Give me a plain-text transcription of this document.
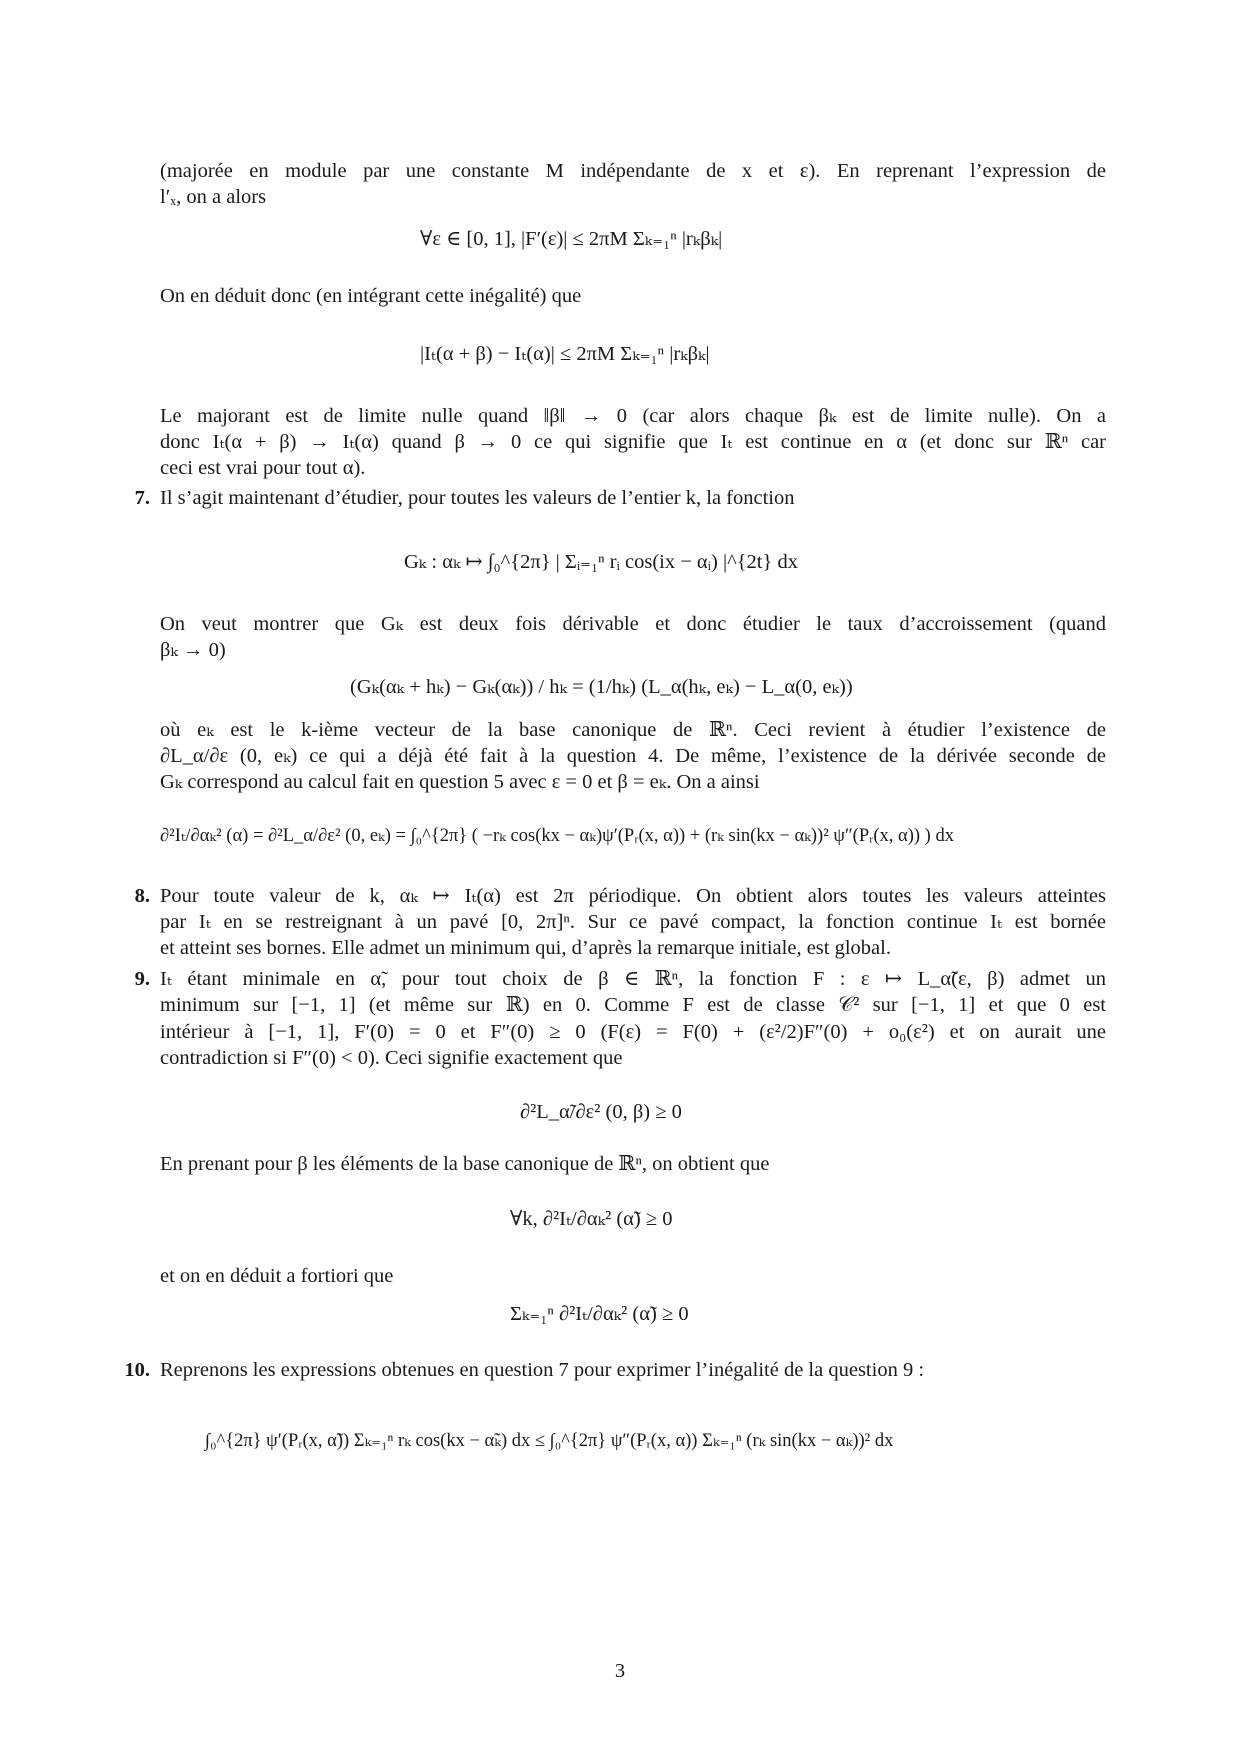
(majorée en module par une constante M indépendante de x et ε). En reprenant l’expression de
l′ₓ, on a alors
∀ε ∈ [0, 1], |F′(ε)| ≤ 2πM Σₖ₌₁ⁿ |rₖβₖ|
On en déduit donc (en intégrant cette inégalité) que
|Iₜ(α + β) − Iₜ(α)| ≤ 2πM Σₖ₌₁ⁿ |rₖβₖ|
Le majorant est de limite nulle quand ‖β‖ → 0 (car alors chaque βₖ est de limite nulle). On a
donc Iₜ(α + β) → Iₜ(α) quand β → 0 ce qui signifie que Iₜ est continue en α (et donc sur ℝⁿ car
ceci est vrai pour tout α).
7. Il s’agit maintenant d’étudier, pour toutes les valeurs de l’entier k, la fonction
Gₖ : αₖ ↦ ∫₀^{2π} | Σᵢ₌₁ⁿ rᵢ cos(ix − αᵢ) |^{2t} dx
On veut montrer que Gₖ est deux fois dérivable et donc étudier le taux d’accroissement (quand
βₖ → 0)
(Gₖ(αₖ + hₖ) − Gₖ(αₖ)) / hₖ = (1/hₖ) (L_α(hₖ, eₖ) − L_α(0, eₖ))
où eₖ est le k-ième vecteur de la base canonique de ℝⁿ. Ceci revient à étudier l’existence de
∂L_α/∂ε (0, eₖ) ce qui a déjà été fait à la question 4. De même, l’existence de la dérivée seconde de
Gₖ correspond au calcul fait en question 5 avec ε = 0 et β = eₖ. On a ainsi
∂²Iₜ/∂αₖ² (α) = ∂²L_α/∂ε² (0, eₖ) = ∫₀^{2π} ( −rₖ cos(kx − αₖ)ψ′(Pᵣ(x, α)) + (rₖ sin(kx − αₖ))² ψ″(Pᵣ(x, α)) ) dx
8. Pour toute valeur de k, αₖ ↦ Iₜ(α) est 2π périodique. On obtient alors toutes les valeurs atteintes
par Iₜ en se restreignant à un pavé [0, 2π]ⁿ. Sur ce pavé compact, la fonction continue Iₜ est bornée
et atteint ses bornes. Elle admet un minimum qui, d’après la remarque initiale, est global.
9. Iₜ étant minimale en α̃, pour tout choix de β ∈ ℝⁿ, la fonction F : ε ↦ L_α̃(ε, β) admet un
minimum sur [−1, 1] (et même sur ℝ) en 0. Comme F est de classe 𝒞² sur [−1, 1] et que 0 est
intérieur à [−1, 1], F′(0) = 0 et F″(0) ≥ 0 (F(ε) = F(0) + (ε²/2)F″(0) + o₀(ε²) et on aurait une
contradiction si F″(0) < 0). Ceci signifie exactement que
∂²L_α̃/∂ε² (0, β) ≥ 0
En prenant pour β les éléments de la base canonique de ℝⁿ, on obtient que
∀k, ∂²Iₜ/∂αₖ² (α̃) ≥ 0
et on en déduit a fortiori que
Σₖ₌₁ⁿ ∂²Iₜ/∂αₖ² (α̃) ≥ 0
10. Reprenons les expressions obtenues en question 7 pour exprimer l’inégalité de la question 9 :
∫₀^{2π} ψ′(Pᵣ(x, α̃)) Σₖ₌₁ⁿ rₖ cos(kx − α̃ₖ) dx ≤ ∫₀^{2π} ψ″(Pᵣ(x, α)) Σₖ₌₁ⁿ (rₖ sin(kx − αₖ))² dx
3
